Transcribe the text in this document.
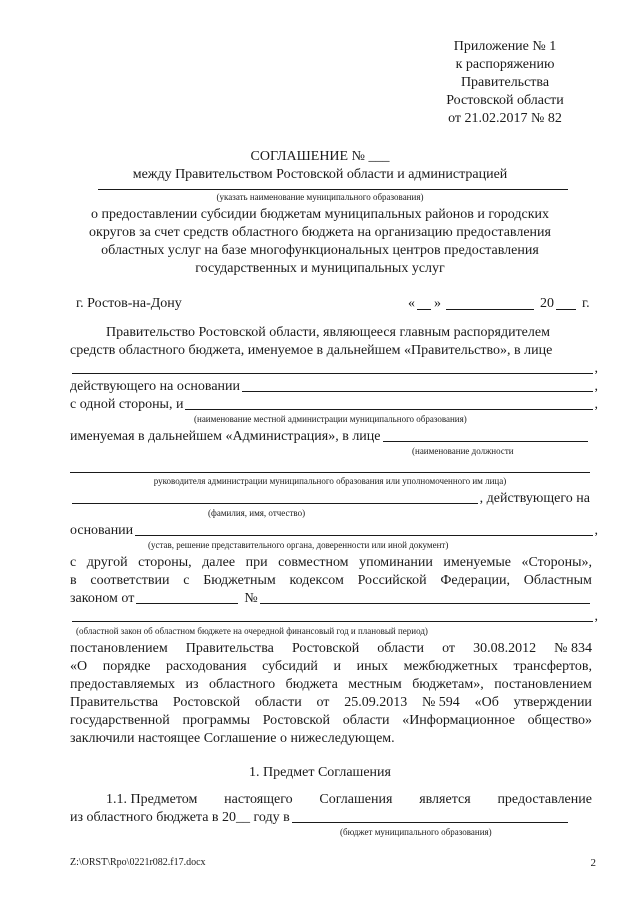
Приложение № 1

к распоряжению

Правительства

Ростовской области

от 21.02.2017 № 82

СОГЛАШЕНИЕ № ___

между Правительством Ростовской области и администрацией

(указать наименование муниципального образования)

о предоставлении субсидии бюджетам муниципальных районов и городских

округов за счет средств областного бюджета на организацию предоставления

областных услуг на базе многофункциональных центров предоставления

государственных и муниципальных услуг

г. Ростов-на-Дону	« »	20 г.

Правительство Ростовской области, являющееся главным распорядителем

средств областного бюджета, именуемое в дальнейшем «Правительство», в лице
,
действующего на основании	,
с одной стороны, и	,

(наименование местной администрации муниципального образования)

именуемая в дальнейшем «Администрация», в лице

(наименование должности

руководителя администрации муниципального образования или уполномоченного им лица)

, действующего на

(фамилия, имя, отчество)

основании	,

(устав, решение представительного органа, доверенности или иной документ)

с другой стороны, далее при совместном упоминании именуемые «Стороны»,
в соответствии с Бюджетным кодексом Российской Федерации, Областным
законом от	№
,

(областной закон об областном бюджете на очередной финансовый год и плановый период)

постановлением Правительства Ростовской области от 30.08.2012 № 834
«О порядке расходования субсидий и иных межбюджетных трансфертов,
предоставляемых из областного бюджета местным бюджетам», постановлением
Правительства Ростовской области от 25.09.2013 № 594 «Об утверждении
государственной программы Ростовской области «Информационное общество»

заключили настоящее Соглашение о нижеследующем.

1. Предмет Соглашения

1.1. Предметом настоящего Соглашения является предоставление
из областного бюджета в 20__ году в

(бюджет муниципального образования)

Z:\ORST\Rpo\0221r082.f17.docx	2
